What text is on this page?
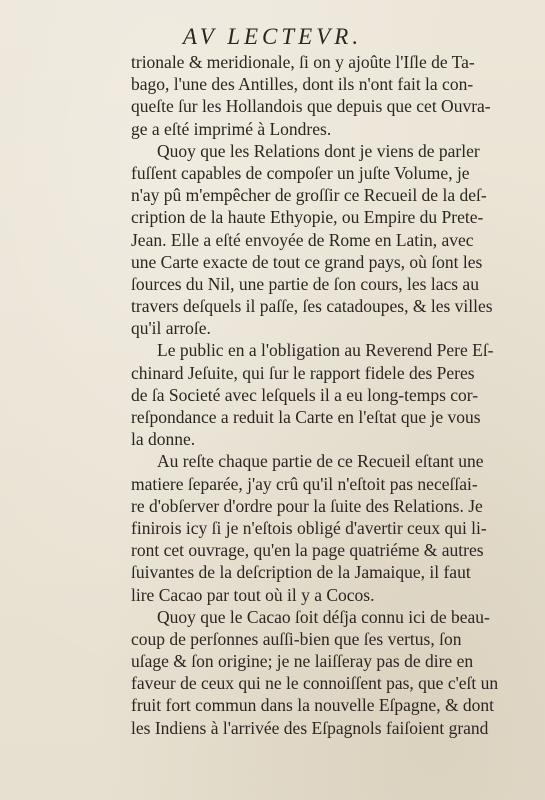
AV LECTEVR.
trionale & meridionale, ſi on y ajoûte l'Iſle de Ta-
bago, l'une des Antilles, dont ils n'ont fait la con-
queſte ſur les Hollandois que depuis que cet Ouvra-
ge a eſté imprimé à Londres.
Quoy que les Relations dont je viens de parler
fuſſent capables de compoſer un juſte Volume, je
n'ay pû m'empêcher de groſſir ce Recueil de la deſ-
cription de la haute Ethyopie, ou Empire du Prete-
Jean. Elle a eſté envoyée de Rome en Latin, avec
une Carte exacte de tout ce grand pays, où ſont les
ſources du Nil, une partie de ſon cours, les lacs au
travers deſquels il paſſe, ſes catadoupes, & les villes
qu'il arroſe.
Le public en a l'obligation au Reverend Pere Eſ-
chinard Jeſuite, qui ſur le rapport fidele des Peres
de ſa Societé avec leſquels il a eu long-temps cor-
reſpondance a reduit la Carte en l'eſtat que je vous
la donne.
Au reſte chaque partie de ce Recueil eſtant une
matiere ſeparée, j'ay crû qu'il n'eſtoit pas neceſſai-
re d'obſerver d'ordre pour la ſuite des Relations. Je
finirois icy ſi je n'eſtois obligé d'avertir ceux qui li-
ront cet ouvrage, qu'en la page quatriéme & autres
ſuivantes de la deſcription de la Jamaique, il faut
lire Cacao par tout où il y a Cocos.
Quoy que le Cacao ſoit déſja connu ici de beau-
coup de perſonnes auſſi-bien que ſes vertus, ſon
uſage & ſon origine; je ne laiſſeray pas de dire en
faveur de ceux qui ne le connoiſſent pas, que c'eſt un
fruit fort commun dans la nouvelle Eſpagne, & dont
les Indiens à l'arrivée des Eſpagnols faiſoient grand
